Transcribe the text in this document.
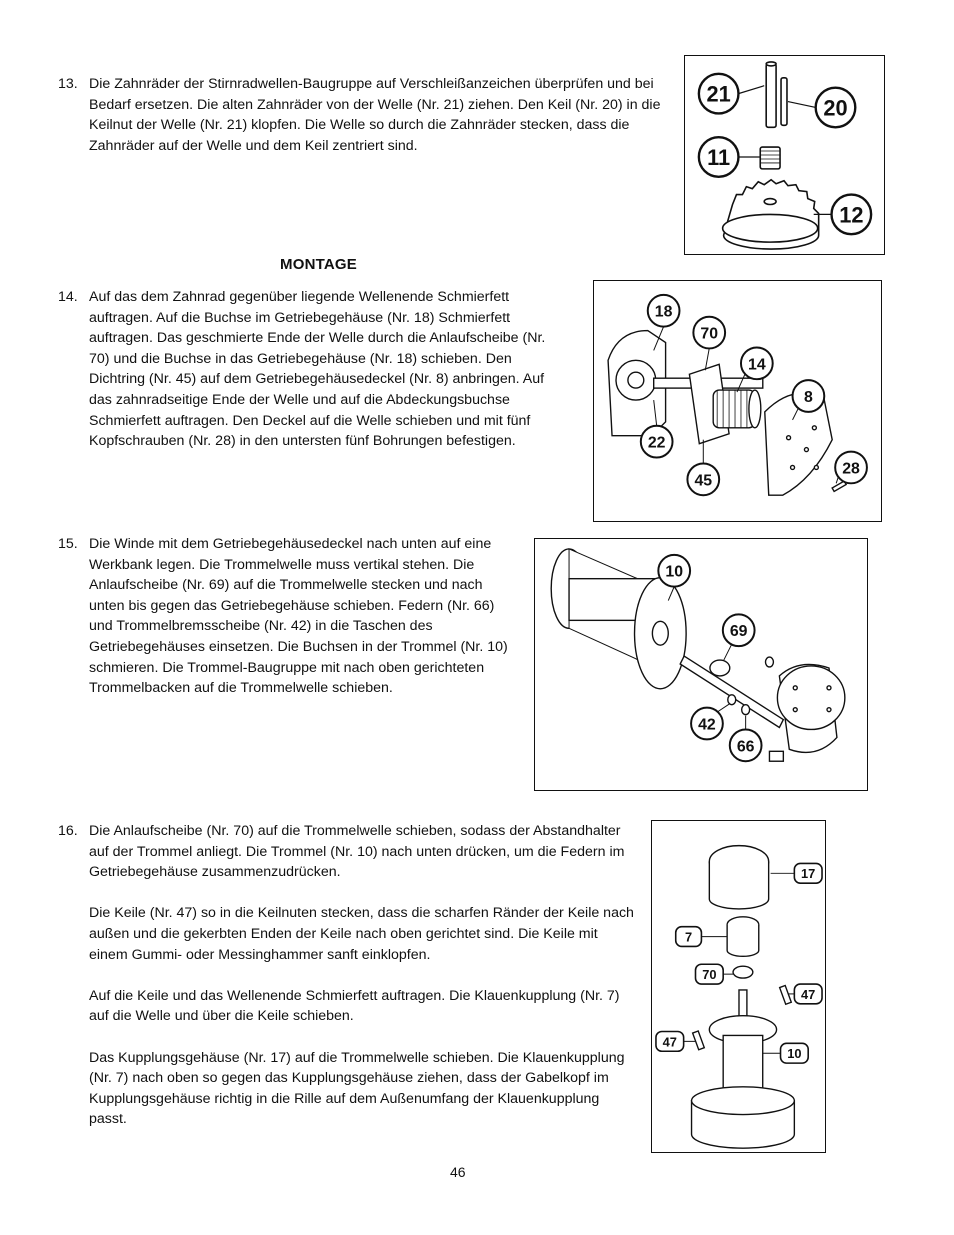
13. Die Zahnräder der Stirnradwellen-Baugruppe auf Verschleißanzeichen überprüfen und bei Bedarf ersetzen. Die alten Zahnräder von der Welle (Nr. 21) ziehen. Den Keil (Nr. 20) in die Keilnut der Welle (Nr. 21) klopfen. Die Welle so durch die Zahnräder stecken, dass die Zahnräder auf der Welle und dem Keil zentriert sind.

MONTAGE
14. Auf das dem Zahnrad gegenüber liegende Wellenende Schmierfett auftragen. Auf die Buchse im Getriebegehäuse (Nr. 18) Schmierfett auftragen. Das geschmierte Ende der Welle durch die Anlaufscheibe (Nr. 70) und die Buchse in das Getriebegehäuse (Nr. 18) schieben. Den Dichtring (Nr. 45) auf dem Getriebegehäusedeckel (Nr. 8) anbringen. Auf das zahnradseitige Ende der Welle und auf die Abdeckungsbuchse Schmierfett auftragen. Den Deckel auf die Welle schieben und mit fünf Kopfschrauben (Nr. 28) in den untersten fünf Bohrungen befestigen.

15. Die Winde mit dem Getriebegehäusedeckel nach unten auf eine Werkbank legen. Die Trommelwelle muss vertikal stehen. Die Anlaufscheibe (Nr. 69) auf die Trommelwelle stecken und nach unten bis gegen das Getriebegehäuse schieben. Federn (Nr. 66) und Trommelbremsscheibe (Nr. 42) in die Taschen des Getriebegehäuses einsetzen. Die Buchsen in der Trommel (Nr. 10) schmieren. Die Trommel-Baugruppe mit nach oben gerichteten Trommelbacken auf die Trommelwelle schieben.

16. Die Anlaufscheibe (Nr. 70) auf die Trommelwelle schieben, sodass der Abstandhalter auf der Trommel anliegt. Die Trommel (Nr. 10) nach unten drücken, um die Federn im Getriebegehäuse zusammenzudrücken.

Die Keile (Nr. 47) so in die Keilnuten stecken, dass die scharfen Ränder der Keile nach außen und die gekerbten Enden der Keile nach oben gerichtet sind. Die Keile mit einem Gummi- oder Messinghammer sanft einklopfen.

Auf die Keile und das Wellenende Schmierfett auftragen. Die Klauenkupplung (Nr. 7) auf die Welle und über die Keile schieben.

Das Kupplungsgehäuse (Nr. 17) auf die Trommelwelle schieben. Die Klauenkupplung (Nr. 7) nach oben so gegen das Kupplungsgehäuse ziehen, dass der Gabelkopf im Kupplungsgehäuse richtig in die Rille auf dem Außenumfang der Klauenkupplung passt.

21
20
11
12
18
70
14
8
22
28
45
10
69
42
66
17
7
70
47
47
10
46
